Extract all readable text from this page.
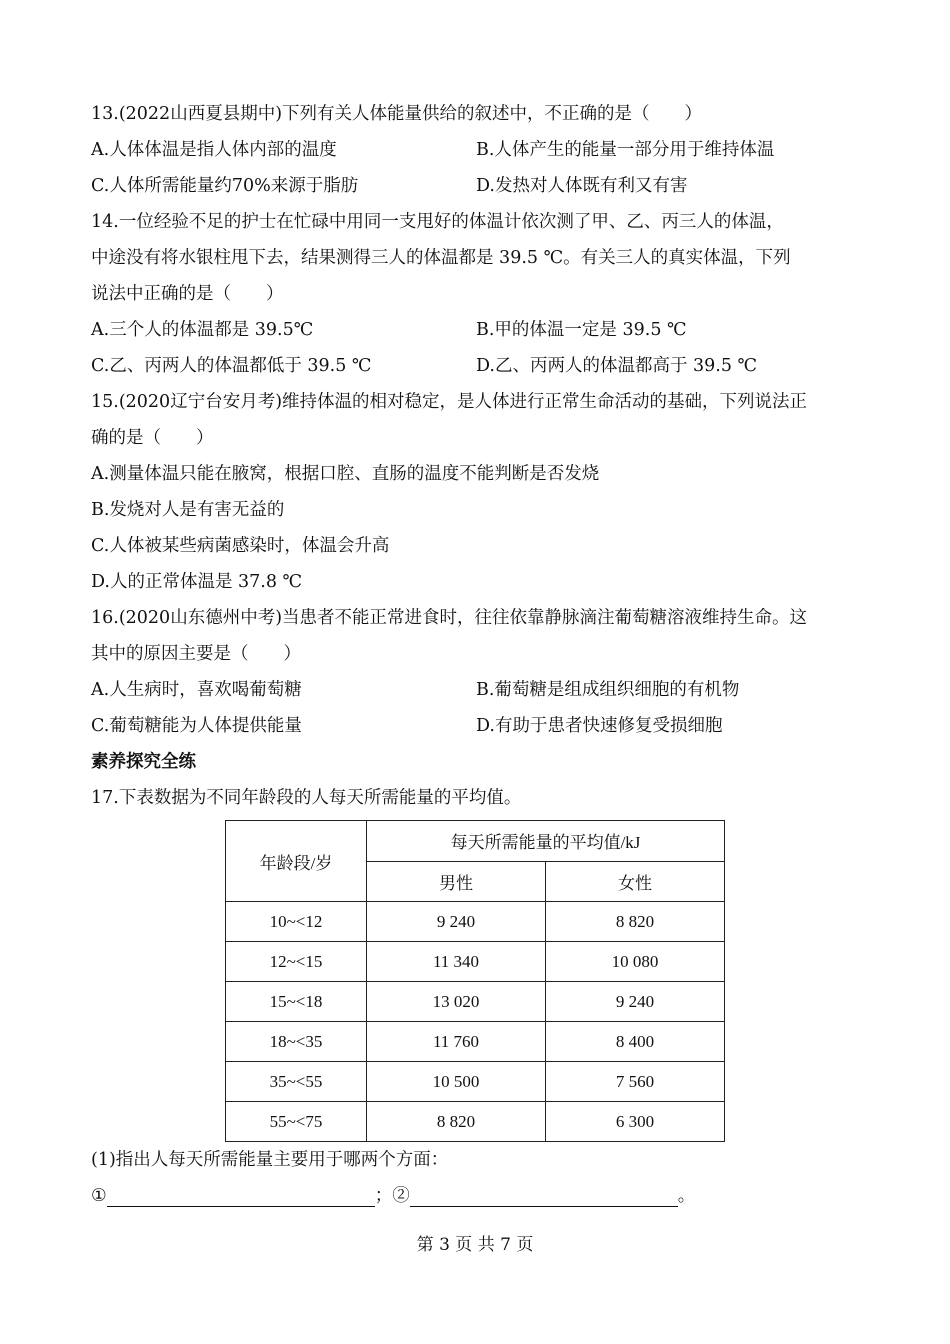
13.(2022山西夏县期中)下列有关人体能量供给的叙述中，不正确的是（　　）
A.人体体温是指人体内部的温度	B.人体产生的能量一部分用于维持体温
C.人体所需能量约70%来源于脂肪	D.发热对人体既有利又有害
14.一位经验不足的护士在忙碌中用同一支甩好的体温计依次测了甲、乙、丙三人的体温，
中途没有将水银柱甩下去，结果测得三人的体温都是 39.5 ℃。有关三人的真实体温，下列
说法中正确的是（　　）
A.三个人的体温都是 39.5℃	B.甲的体温一定是 39.5 ℃
C.乙、丙两人的体温都低于 39.5 ℃	D.乙、丙两人的体温都高于 39.5 ℃
15.(2020辽宁台安月考)维持体温的相对稳定，是人体进行正常生命活动的基础，下列说法正
确的是（　　）
A.测量体温只能在腋窝，根据口腔、直肠的温度不能判断是否发烧
B.发烧对人是有害无益的
C.人体被某些病菌感染时，体温会升高
D.人的正常体温是 37.8 ℃
16.(2020山东德州中考)当患者不能正常进食时，往往依靠静脉滴注葡萄糖溶液维持生命。这
其中的原因主要是（　　）
A.人生病时，喜欢喝葡萄糖	B.葡萄糖是组成组织细胞的有机物
C.葡萄糖能为人体提供能量	D.有助于患者快速修复受损细胞
素养探究全练
17.下表数据为不同年龄段的人每天所需能量的平均值。
年龄段/岁	每天所需能量的平均值/kJ	
	男性	女性
10~<12	9 240	8 820
12~<15	11 340	10 080
15~<18	13 020	9 240
18~<35	11 760	8 400
35~<55	10 500	7 560
55~<75	8 820	6 300
(1)指出人每天所需能量主要用于哪两个方面：
①	；②	。
第 3 页 共 7 页
